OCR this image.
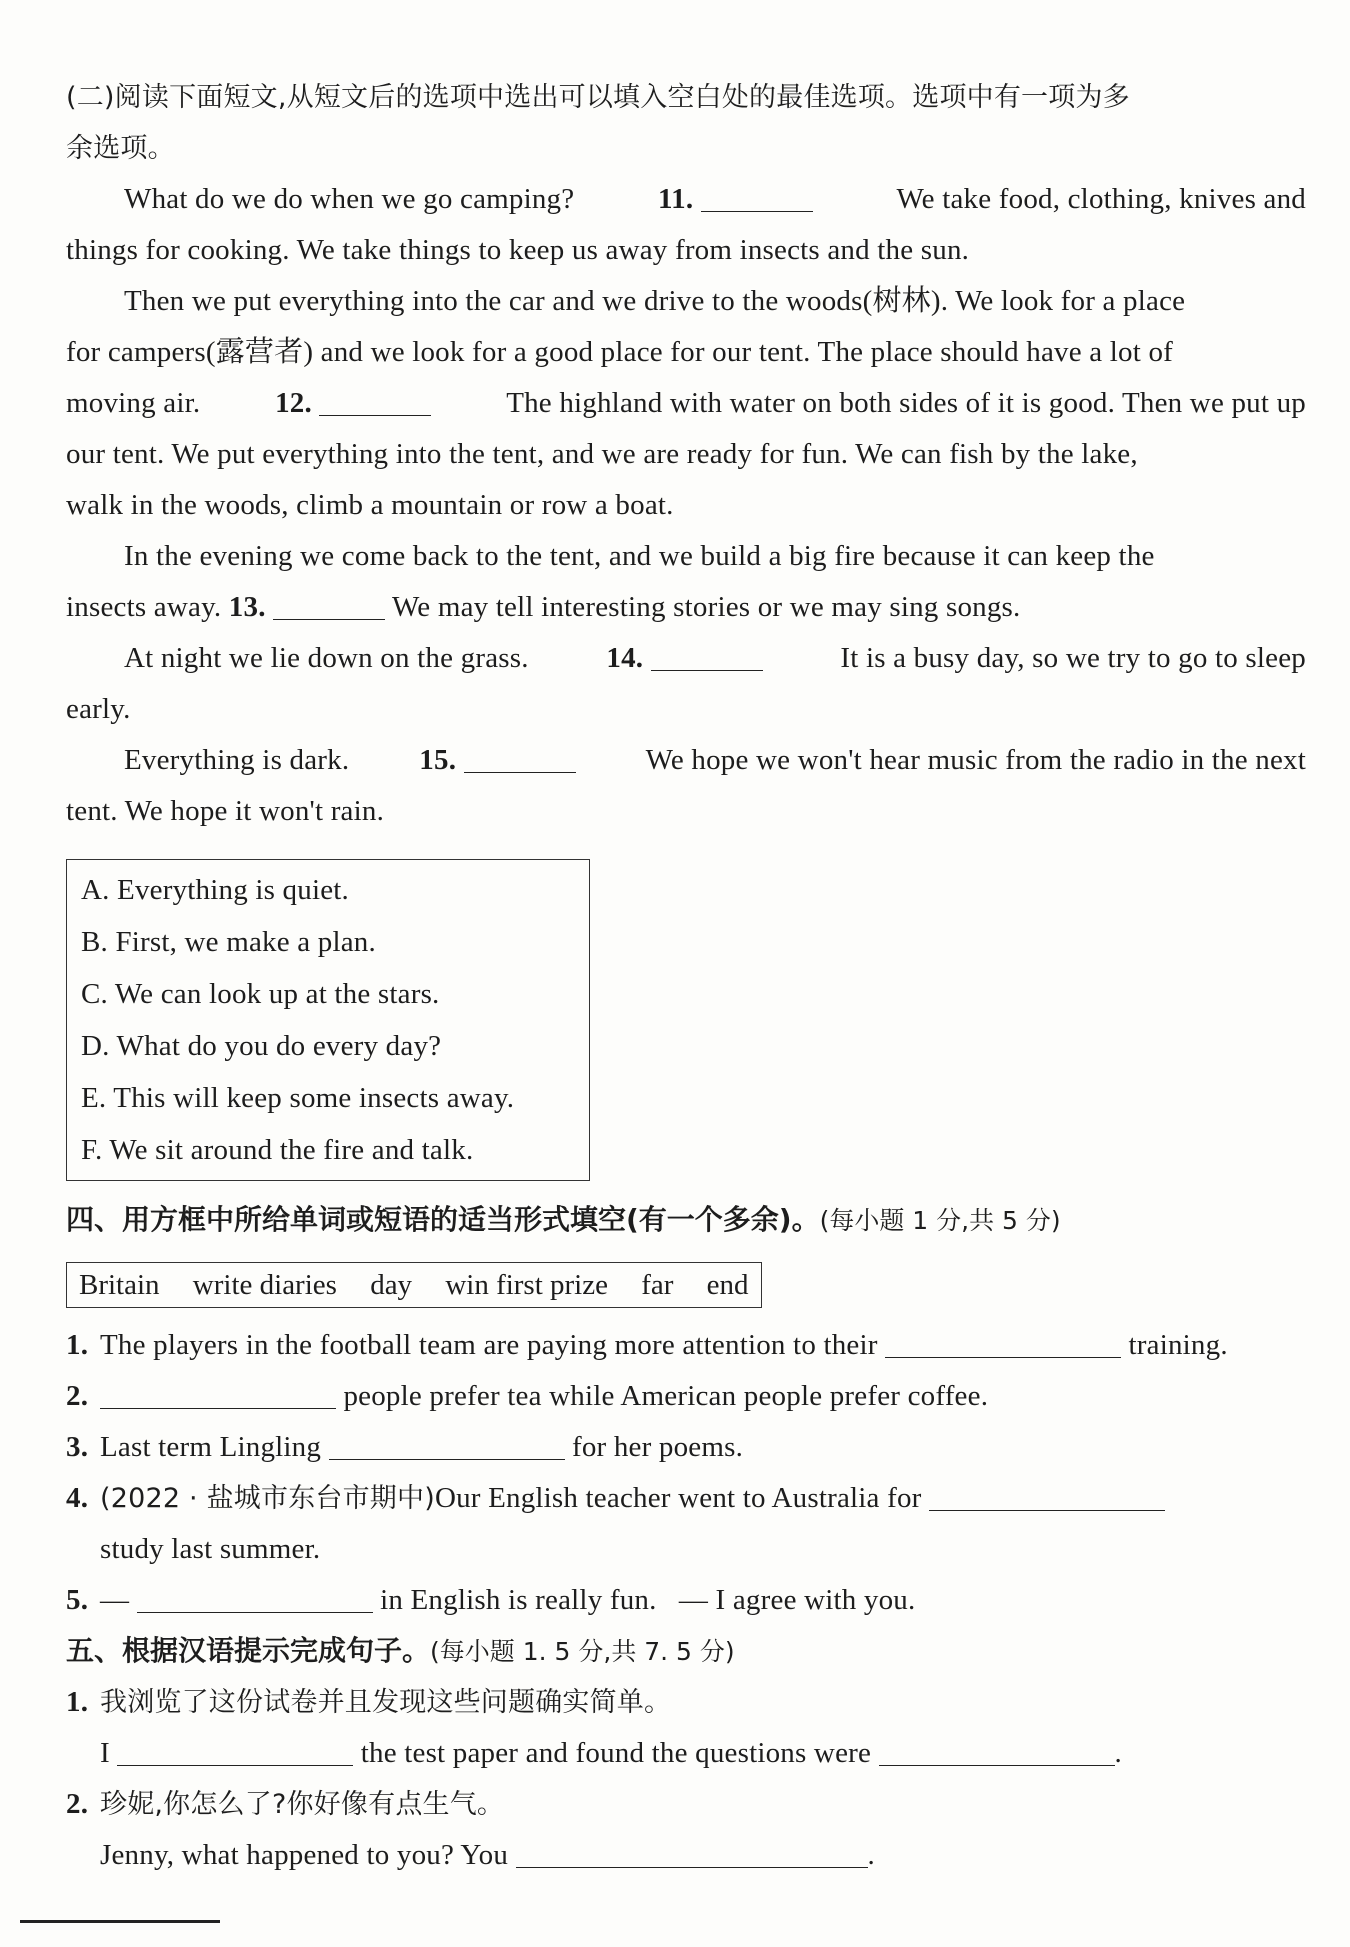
(二)阅读下面短文,从短文后的选项中选出可以填入空白处的最佳选项。选项中有一项为多
余选项。
What do we do when we go camping?	11.	We take food, clothing, knives and
things for cooking. We take things to keep us away from insects and the sun.
Then we put everything into the car and we drive to the woods(树林). We look for a place
for campers(露营者) and we look for a good place for our tent. The place should have a lot of
moving air.	12.	The highland with water on both sides of it is good. Then we put up
our tent. We put everything into the tent, and we are ready for fun. We can fish by the lake,
walk in the woods, climb a mountain or row a boat.
In the evening we come back to the tent, and we build a big fire because it can keep the
insects away. 13.	We may tell interesting stories or we may sing songs.
At night we lie down on the grass.	14.	It is a busy day, so we try to go to sleep
early.
Everything is dark. 15.	We hope we won't hear music from the radio in the next
tent. We hope it won't rain.
A. Everything is quiet.
B. First, we make a plan.
C. We can look up at the stars.
D. What do you do every day?
E. This will keep some insects away.
F. We sit around the fire and talk.
四、用方框中所给单词或短语的适当形式填空(有一个多余)。(每小题 1 分,共 5 分)
Britain write diaries day win first prize far end
1. The players in the football team are paying more attention to their	training.
2.	people prefer tea while American people prefer coffee.
3. Last term Lingling	for her poems.
4. (2022 · 盐城市东台市期中)Our English teacher went to Australia for
study last summer.
5. —	in English is really fun. — I agree with you.
五、根据汉语提示完成句子。(每小题 1. 5 分,共 7. 5 分)
1. 我浏览了这份试卷并且发现这些问题确实简单。
I	the test paper and found the questions were	.
2. 珍妮,你怎么了?你好像有点生气。
Jenny, what happened to you? You	.
